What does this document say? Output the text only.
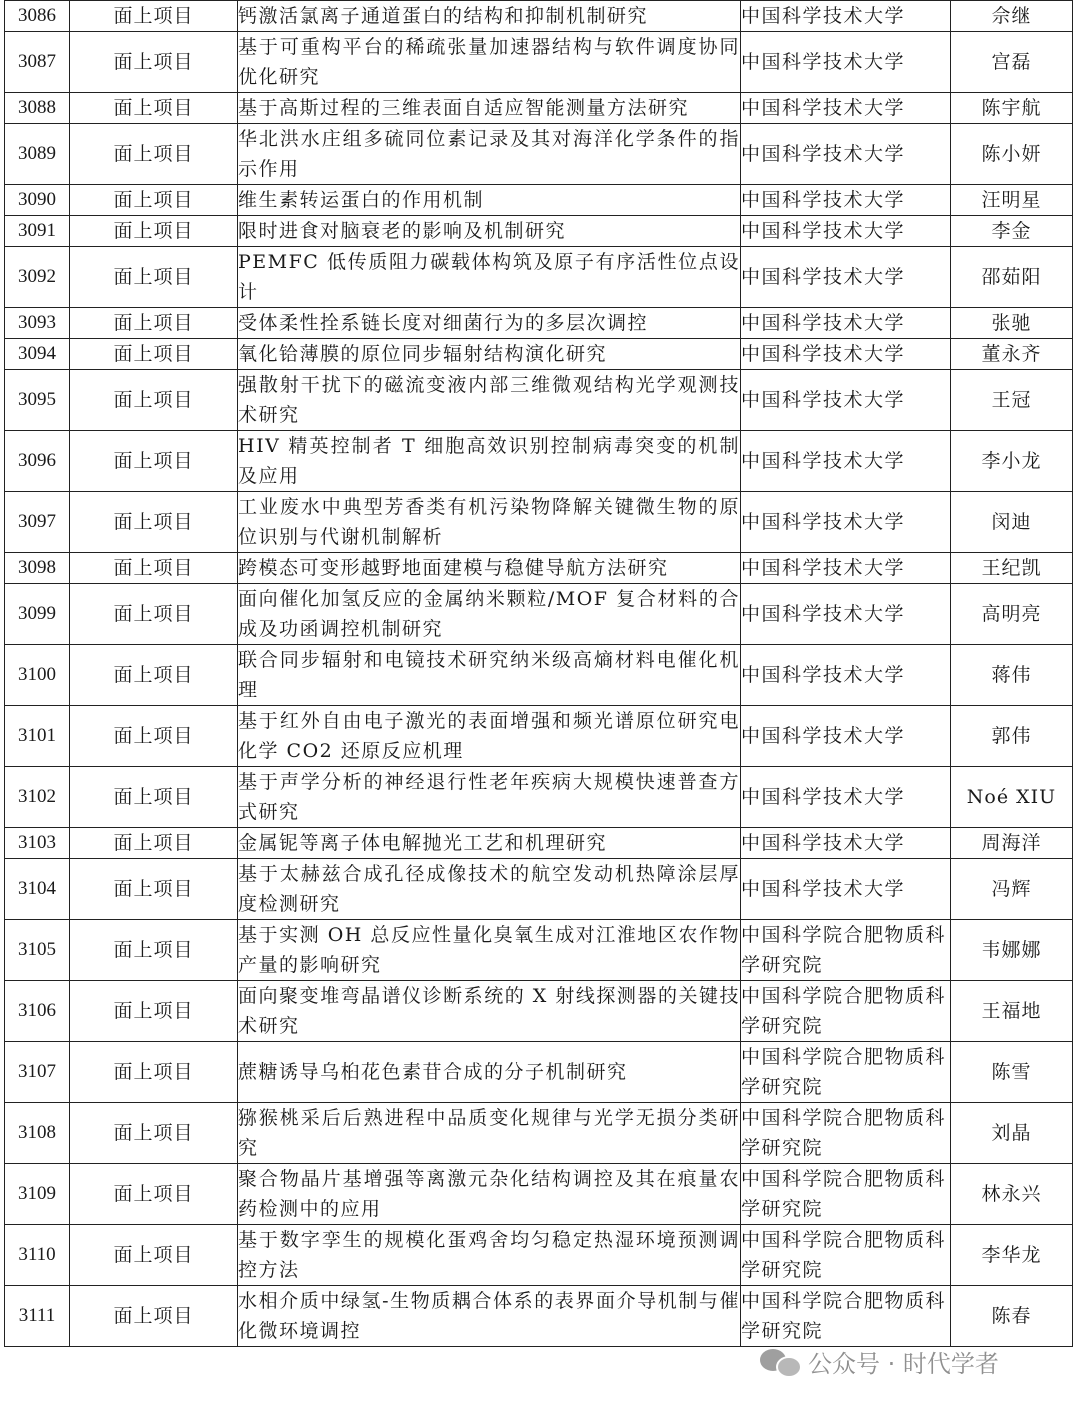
3086	面上项目	钙激活氯离子通道蛋白的结构和抑制机制研究	中国科学技术大学	佘继
3087	面上项目	基于可重构平台的稀疏张量加速器结构与软件调度协同优化研究	中国科学技术大学	宫磊
3088	面上项目	基于高斯过程的三维表面自适应智能测量方法研究	中国科学技术大学	陈宇航
3089	面上项目	华北洪水庄组多硫同位素记录及其对海洋化学条件的指示作用	中国科学技术大学	陈小妍
3090	面上项目	维生素转运蛋白的作用机制	中国科学技术大学	汪明星
3091	面上项目	限时进食对脑衰老的影响及机制研究	中国科学技术大学	李金
3092	面上项目	PEMFC 低传质阻力碳载体构筑及原子有序活性位点设计	中国科学技术大学	邵茹阳
3093	面上项目	受体柔性拴系链长度对细菌行为的多层次调控	中国科学技术大学	张驰
3094	面上项目	氧化铪薄膜的原位同步辐射结构演化研究	中国科学技术大学	董永齐
3095	面上项目	强散射干扰下的磁流变液内部三维微观结构光学观测技术研究	中国科学技术大学	王冠
3096	面上项目	HIV 精英控制者 T 细胞高效识别控制病毒突变的机制及应用	中国科学技术大学	李小龙
3097	面上项目	工业废水中典型芳香类有机污染物降解关键微生物的原位识别与代谢机制解析	中国科学技术大学	闵迪
3098	面上项目	跨模态可变形越野地面建模与稳健导航方法研究	中国科学技术大学	王纪凯
3099	面上项目	面向催化加氢反应的金属纳米颗粒/MOF 复合材料的合成及功函调控机制研究	中国科学技术大学	高明亮
3100	面上项目	联合同步辐射和电镜技术研究纳米级高熵材料电催化机理	中国科学技术大学	蒋伟
3101	面上项目	基于红外自由电子激光的表面增强和频光谱原位研究电化学 CO2 还原反应机理	中国科学技术大学	郭伟
3102	面上项目	基于声学分析的神经退行性老年疾病大规模快速普查方式研究	中国科学技术大学	Noé XIU
3103	面上项目	金属铌等离子体电解抛光工艺和机理研究	中国科学技术大学	周海洋
3104	面上项目	基于太赫兹合成孔径成像技术的航空发动机热障涂层厚度检测研究	中国科学技术大学	冯辉
3105	面上项目	基于实测 OH 总反应性量化臭氧生成对江淮地区农作物产量的影响研究	中国科学院合肥物质科学研究院	韦娜娜
3106	面上项目	面向聚变堆弯晶谱仪诊断系统的 X 射线探测器的关键技术研究	中国科学院合肥物质科学研究院	王福地
3107	面上项目	蔗糖诱导乌桕花色素苷合成的分子机制研究	中国科学院合肥物质科学研究院	陈雪
3108	面上项目	猕猴桃采后后熟进程中品质变化规律与光学无损分类研究	中国科学院合肥物质科学研究院	刘晶
3109	面上项目	聚合物晶片基增强等离激元杂化结构调控及其在痕量农药检测中的应用	中国科学院合肥物质科学研究院	林永兴
3110	面上项目	基于数字孪生的规模化蛋鸡舍均匀稳定热湿环境预测调控方法	中国科学院合肥物质科学研究院	李华龙
3111	面上项目	水相介质中绿氢-生物质耦合体系的表界面介导机制与催化微环境调控	中国科学院合肥物质科学研究院	陈春
公众号 · 时代学者
